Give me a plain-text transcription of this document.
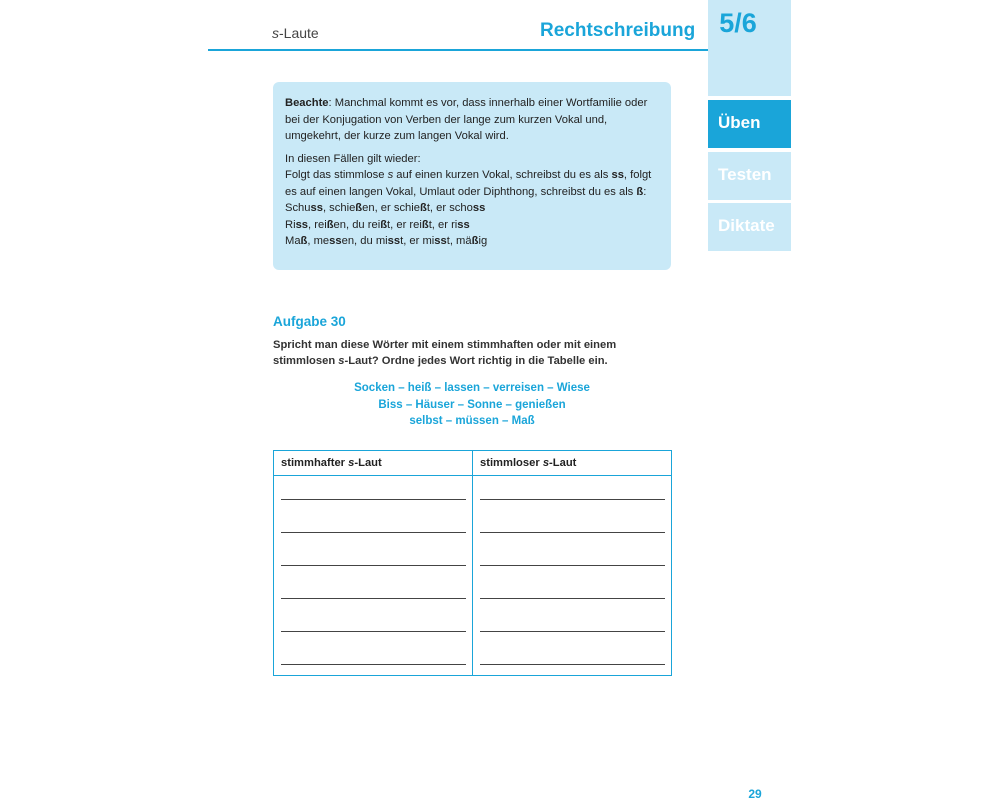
s-Laute	Rechtschreibung 5/6
Üben
Testen
Diktate

Beachte: Manchmal kommt es vor, dass innerhalb einer Wortfamilie oder bei der Konjugation von Verben der lange zum kurzen Vokal und, umgekehrt, der kurze zum langen Vokal wird.

In diesen Fällen gilt wieder:
Folgt das stimmlose s auf einen kurzen Vokal, schreibst du es als ss, folgt es auf einen langen Vokal, Umlaut oder Diphthong, schreibst du es als ß:
Schuss, schießen, er schießt, er schoss
Riss, reißen, du reißt, er reißt, er riss
Maß, messen, du misst, er misst, mäßig
Aufgabe 30
Spricht man diese Wörter mit einem stimmhaften oder mit einem stimmlosen s-Laut? Ordne jedes Wort richtig in die Tabelle ein.
Socken – heiß – lassen – verreisen – Wiese
Biss – Häuser – Sonne – genießen
selbst – müssen – Maß
stimmhafter s-Laut	stimmloser s-Laut
29
